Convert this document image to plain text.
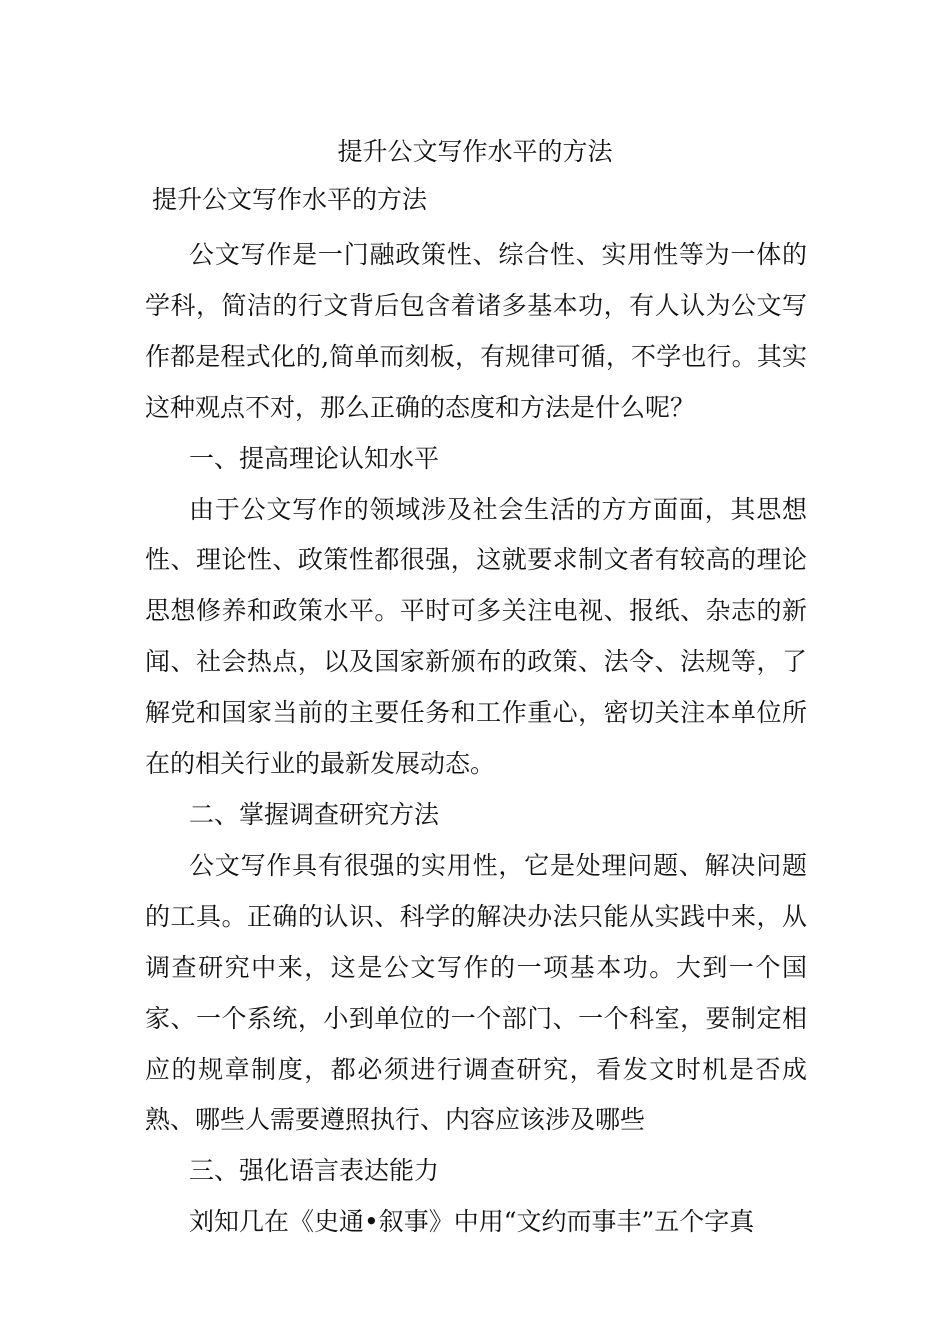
提升公文写作水平的方法
提升公文写作水平的方法

公文写作是一门融政策性、综合性、实用性等为一体的学科，简洁的行文背后包含着诸多基本功，有人认为公文写作都是程式化的,简单而刻板，有规律可循，不学也行。其实这种观点不对，那么正确的态度和方法是什么呢？

一、提高理论认知水平

由于公文写作的领域涉及社会生活的方方面面，其思想性、理论性、政策性都很强，这就要求制文者有较高的理论思想修养和政策水平。平时可多关注电视、报纸、杂志的新闻、社会热点，以及国家新颁布的政策、法令、法规等，了解党和国家当前的主要任务和工作重心，密切关注本单位所在的相关行业的最新发展动态。

二、掌握调查研究方法

公文写作具有很强的实用性，它是处理问题、解决问题的工具。正确的认识、科学的解决办法只能从实践中来，从调查研究中来，这是公文写作的一项基本功。大到一个国家、一个系统，小到单位的一个部门、一个科室，要制定相应的规章制度，都必须进行调查研究，看发文时机是否成熟、哪些人需要遵照执行、内容应该涉及哪些

三、强化语言表达能力

刘知几在《史通•叙事》中用“文约而事丰”五个字真
